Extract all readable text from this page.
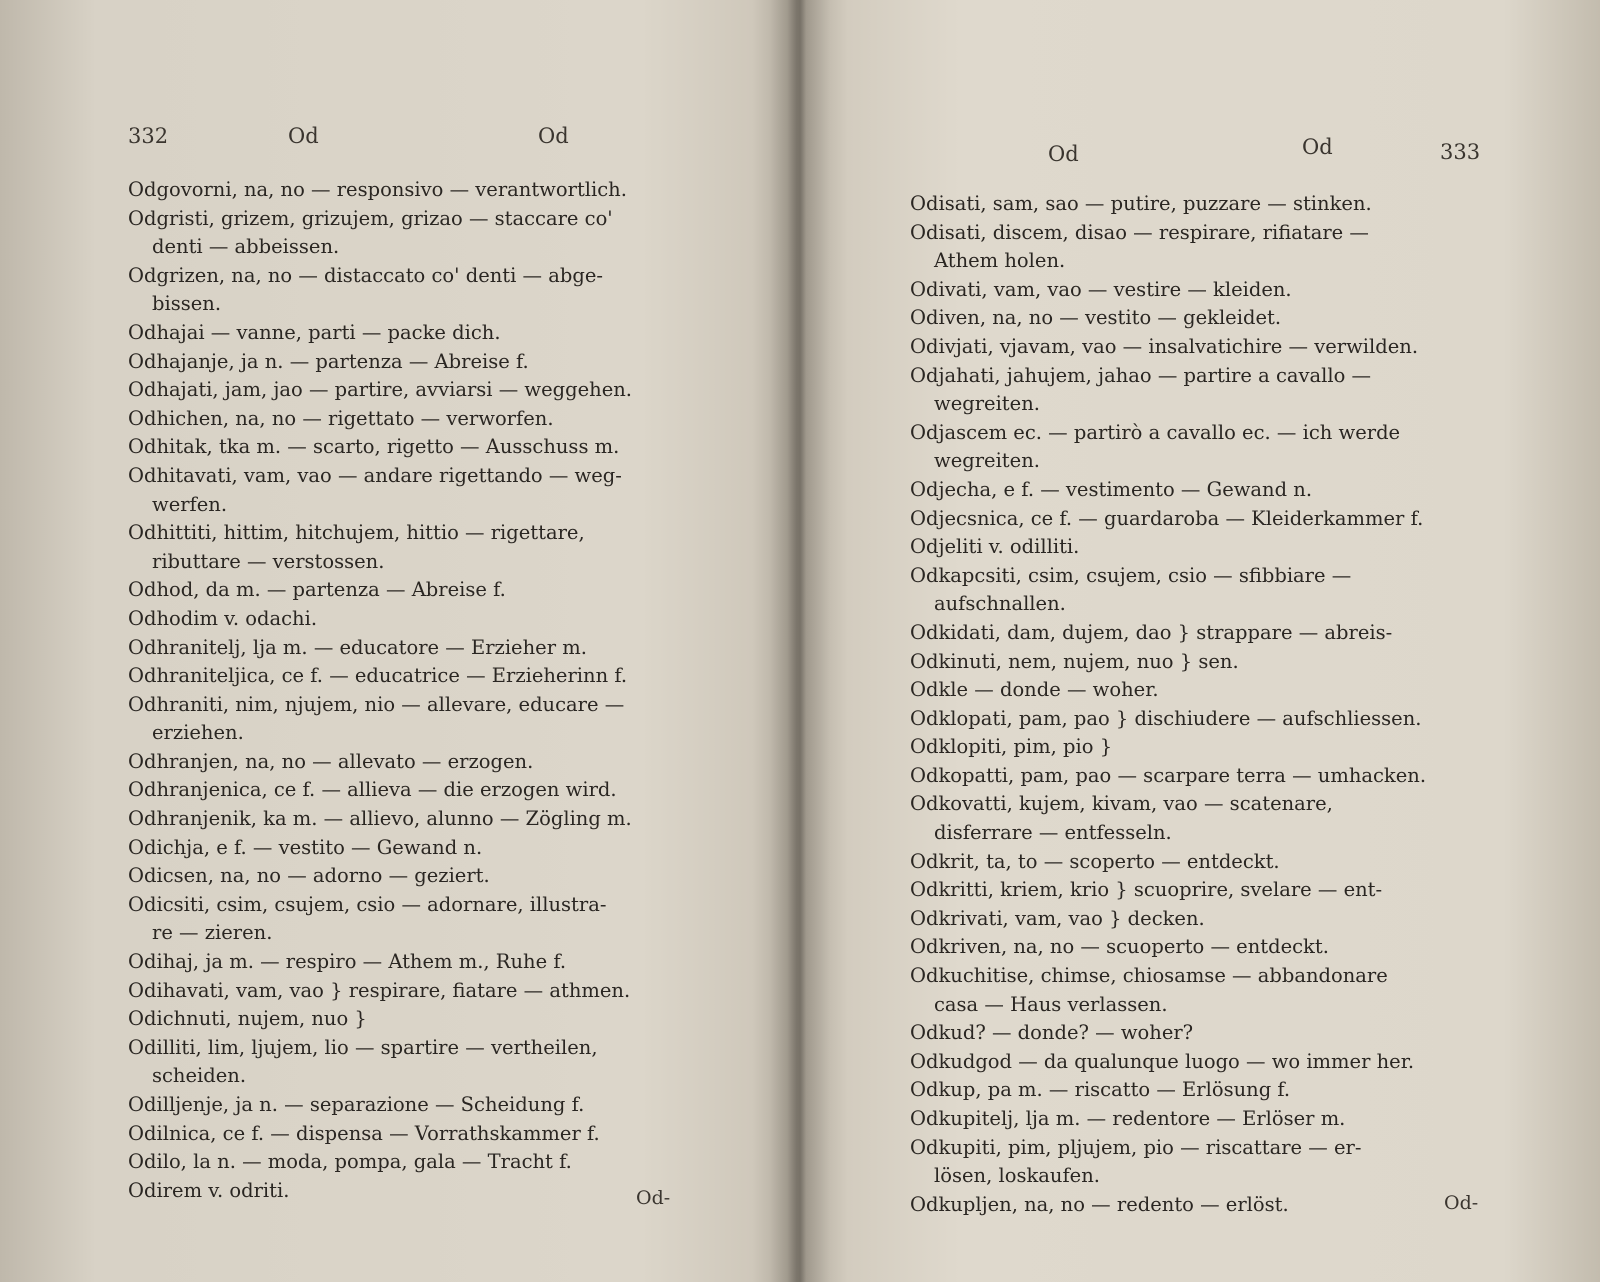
332	Od	Od
Odgovorni, na, no — responsivo — verantwortlich.
Odgristi, grizem, grizujem, grizao — staccare co'
denti — abbeissen.
Odgrizen, na, no — distaccato co' denti — abge-
bissen.
Odhajai — vanne, parti — packe dich.
Odhajanje, ja n. — partenza — Abreise f.
Odhajati, jam, jao — partire, avviarsi — weggehen.
Odhichen, na, no — rigettato — verworfen.
Odhitak, tka m. — scarto, rigetto — Ausschuss m.
Odhitavati, vam, vao — andare rigettando — weg-
werfen.
Odhittiti, hittim, hitchujem, hittio — rigettare,
ributtare — verstossen.
Odhod, da m. — partenza — Abreise f.
Odhodim v. odachi.
Odhranitelj, lja m. — educatore — Erzieher m.
Odhraniteljica, ce f. — educatrice — Erzieherinn f.
Odhraniti, nim, njujem, nio — allevare, educare —
erziehen.
Odhranjen, na, no — allevato — erzogen.
Odhranjenica, ce f. — allieva — die erzogen wird.
Odhranjenik, ka m. — allievo, alunno — Zögling m.
Odichja, e f. — vestito — Gewand n.
Odicsen, na, no — adorno — geziert.
Odicsiti, csim, csujem, csio — adornare, illustra-
re — zieren.
Odihaj, ja m. — respiro — Athem m., Ruhe f.
Odihavati, vam, vao } respirare, fiatare — athmen.
Odichnuti, nujem, nuo }
Odilliti, lim, ljujem, lio — spartire — vertheilen,
scheiden.
Odilljenje, ja n. — separazione — Scheidung f.
Odilnica, ce f. — dispensa — Vorrathskammer f.
Odilo, la n. — moda, pompa, gala — Tracht f.
Odirem v. odriti.	Od-
Od	Od	333
Odisati, sam, sao — putire, puzzare — stinken.
Odisati, discem, disao — respirare, rifiatare —
Athem holen.
Odivati, vam, vao — vestire — kleiden.
Odiven, na, no — vestito — gekleidet.
Odivjati, vjavam, vao — insalvatichire — verwilden.
Odjahati, jahujem, jahao — partire a cavallo —
wegreiten.
Odjascem ec. — partirò a cavallo ec. — ich werde
wegreiten.
Odjecha, e f. — vestimento — Gewand n.
Odjecsnica, ce f. — guardaroba — Kleiderkammer f.
Odjeliti v. odilliti.
Odkapcsiti, csim, csujem, csio — sfibbiare —
aufschnallen.
Odkidati, dam, dujem, dao } strappare — abreis-
Odkinuti, nem, nujem, nuo } sen.
Odkle — donde — woher.
Odklopati, pam, pao } dischiudere — aufschliessen.
Odklopiti, pim, pio }
Odkopatti, pam, pao — scarpare terra — umhacken.
Odkovatti, kujem, kivam, vao — scatenare,
disferrare — entfesseln.
Odkrit, ta, to — scoperto — entdeckt.
Odkritti, kriem, krio } scuoprire, svelare — ent-
Odkrivati, vam, vao } decken.
Odkriven, na, no — scuoperto — entdeckt.
Odkuchitise, chimse, chiosamse — abbandonare
casa — Haus verlassen.
Odkud? — donde? — woher?
Odkudgod — da qualunque luogo — wo immer her.
Odkup, pa m. — riscatto — Erlösung f.
Odkupitelj, lja m. — redentore — Erlöser m.
Odkupiti, pim, pljujem, pio — riscattare — er-
lösen, loskaufen.
Odkupljen, na, no — redento — erlöst.	Od-
